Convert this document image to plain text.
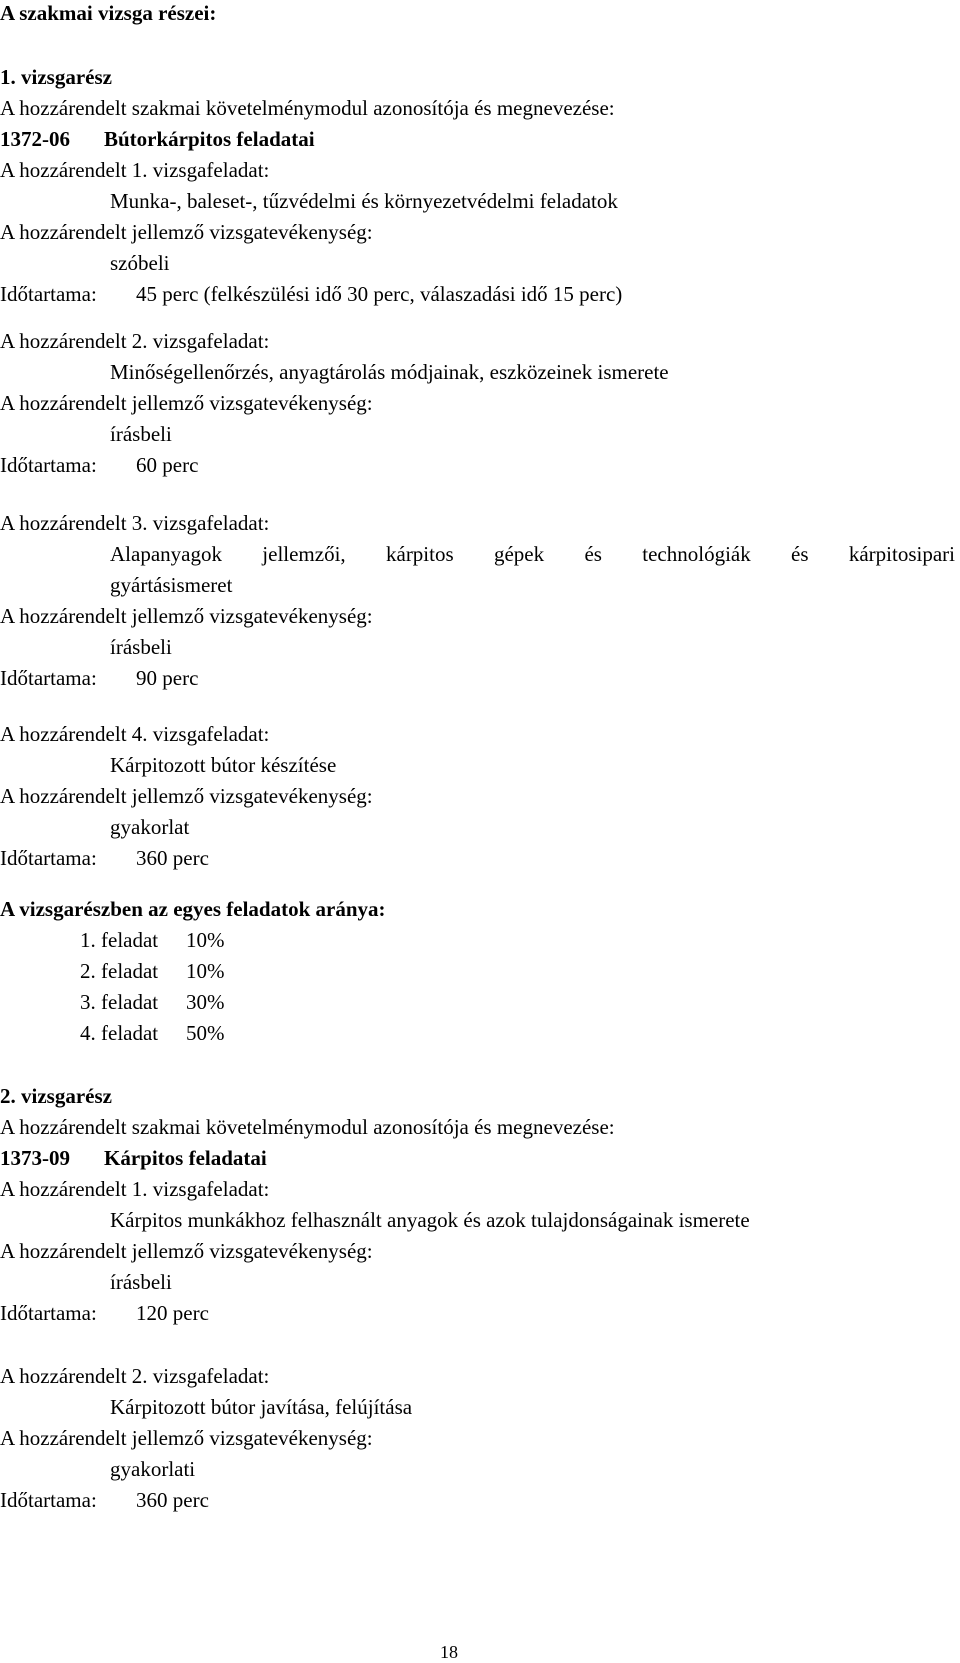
A szakmai vizsga részei:
1. vizsgarész
A hozzárendelt szakmai követelménymodul azonosítója és megnevezése:
1372-06 Bútorkárpitos feladatai
A hozzárendelt 1. vizsgafeladat:
Munka-, baleset-, tűzvédelmi és környezetvédelmi feladatok
A hozzárendelt jellemző vizsgatevékenység:
szóbeli
Időtartama: 45 perc (felkészülési idő 30 perc, válaszadási idő 15 perc)
A hozzárendelt 2. vizsgafeladat:
Minőségellenőrzés, anyagtárolás módjainak, eszközeinek ismerete
A hozzárendelt jellemző vizsgatevékenység:
írásbeli
Időtartama: 60 perc
A hozzárendelt 3. vizsgafeladat:
Alapanyagok jellemzői, kárpitos gépek és technológiák és kárpitosipari
gyártásismeret
A hozzárendelt jellemző vizsgatevékenység:
írásbeli
Időtartama: 90 perc
A hozzárendelt 4. vizsgafeladat:
Kárpitozott bútor készítése
A hozzárendelt jellemző vizsgatevékenység:
gyakorlat
Időtartama: 360 perc
A vizsgarészben az egyes feladatok aránya:
1. feladat 10%
2. feladat 10%
3. feladat 30%
4. feladat 50%
2. vizsgarész
A hozzárendelt szakmai követelménymodul azonosítója és megnevezése:
1373-09 Kárpitos feladatai
A hozzárendelt 1. vizsgafeladat:
Kárpitos munkákhoz felhasznált anyagok és azok tulajdonságainak ismerete
A hozzárendelt jellemző vizsgatevékenység:
írásbeli
Időtartama: 120 perc
A hozzárendelt 2. vizsgafeladat:
Kárpitozott bútor javítása, felújítása
A hozzárendelt jellemző vizsgatevékenység:
gyakorlati
Időtartama: 360 perc
18
